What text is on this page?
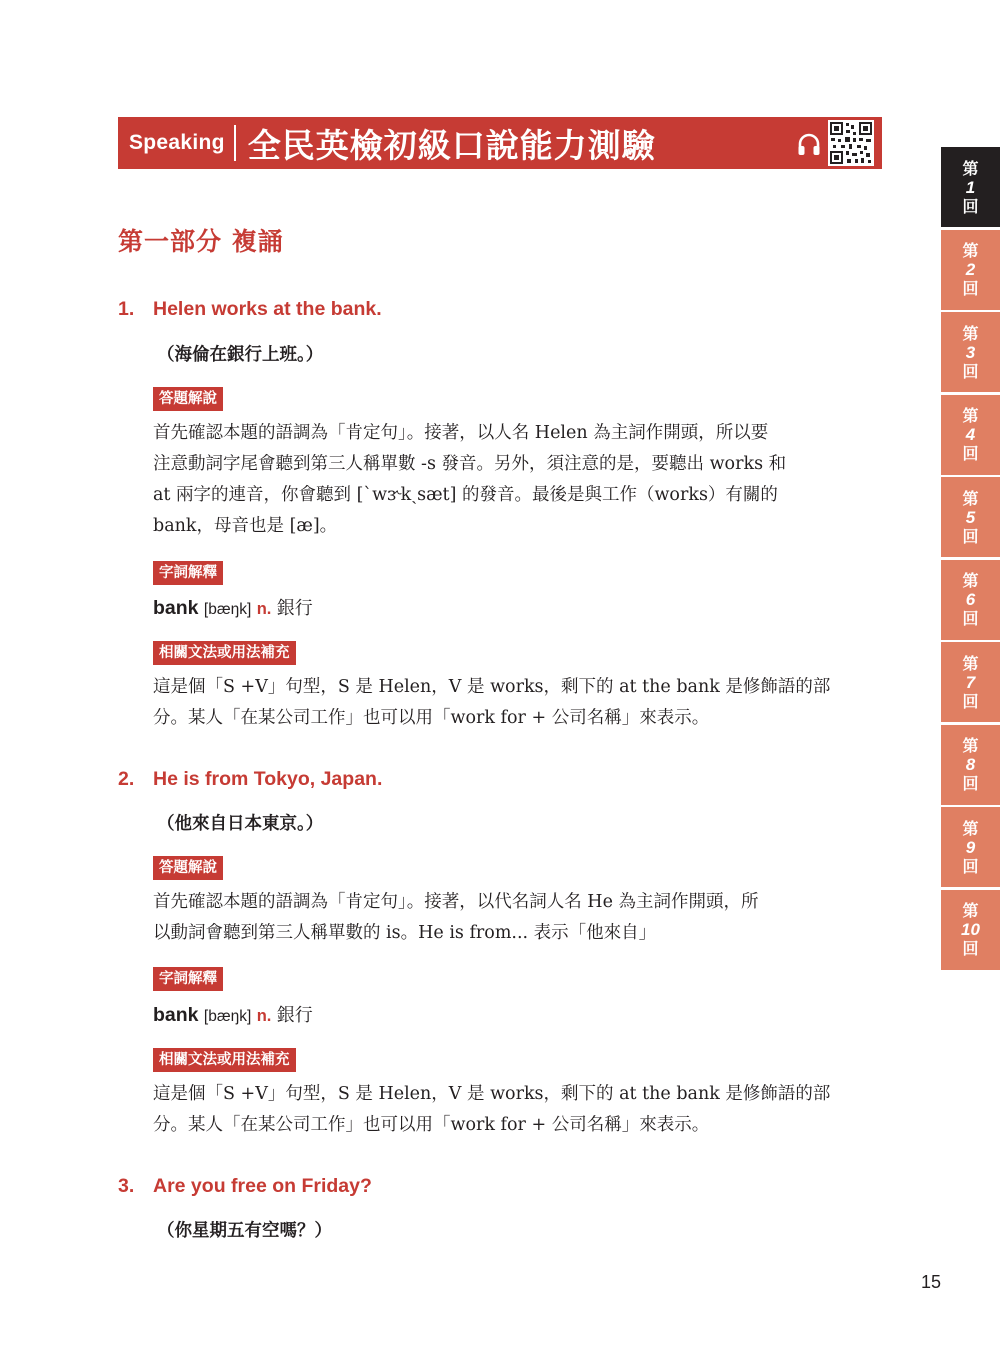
Speaking 全民英檢初級口說能力測驗
第一部分 複誦
1. Helen works at the bank.
（海倫在銀行上班。）
答題解說

首先確認本題的語調為「肯定句」。接著，以人名 Helen 為主詞作開頭，所以要
注意動詞字尾會聽到第三人稱單數 -s 發音。另外，須注意的是，要聽出 works 和
at 兩字的連音，你會聽到 [ˋwɝkˏsæt] 的發音。最後是與工作（works）有關的
bank，母音也是 [æ]。

字詞解釋
bank [bæŋk] n. 銀行
相關文法或用法補充

這是個「S +V」句型，S 是 Helen，V 是 works，剩下的 at the bank 是修飾語的部
分。某人「在某公司工作」也可以用「work for + 公司名稱」來表示。

2. He is from Tokyo, Japan.
（他來自日本東京。）
答題解說

首先確認本題的語調為「肯定句」。接著，以代名詞人名 He 為主詞作開頭，所
以動詞會聽到第三人稱單數的 is。He is from... 表示「他來自」

字詞解釋
bank [bæŋk] n. 銀行
相關文法或用法補充

這是個「S +V」句型，S 是 Helen，V 是 works，剩下的 at the bank 是修飾語的部
分。某人「在某公司工作」也可以用「work for + 公司名稱」來表示。

3. Are you free on Friday?
（你星期五有空嗎？）
第
1
回
第
2
回
第
3
回
第
4
回
第
5
回
第
6
回
第
7
回
第
8
回
第
9
回
第
10
回
15
